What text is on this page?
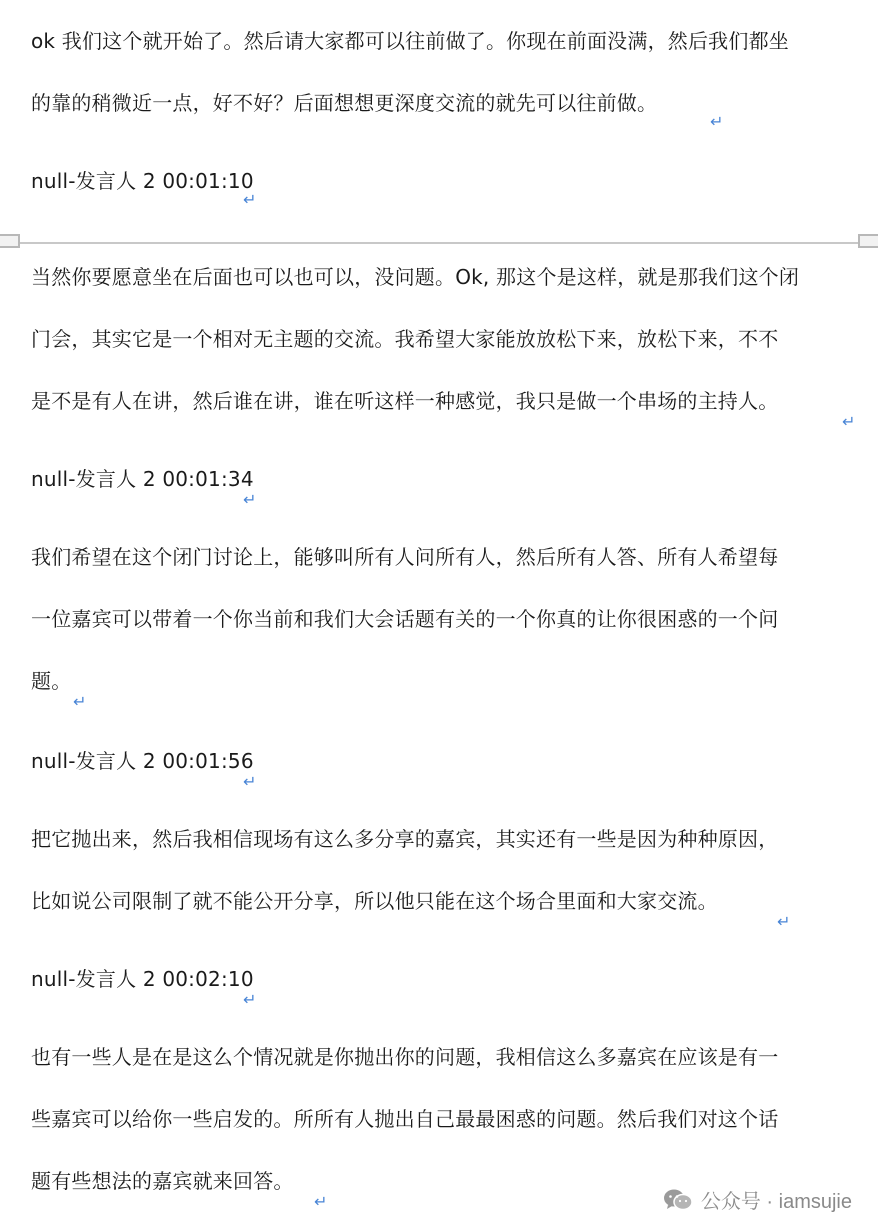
ok 我们这个就开始了。然后请大家都可以往前做了。你现在前面没满，然后我们都坐
的靠的稍微近一点，好不好？后面想想更深度交流的就先可以往前做。
↵
null-发言人 2 00:01:10
↵
当然你要愿意坐在后面也可以也可以，没问题。Ok, 那这个是这样，就是那我们这个闭
门会，其实它是一个相对无主题的交流。我希望大家能放放松下来，放松下来，不不
是不是有人在讲，然后谁在讲，谁在听这样一种感觉，我只是做一个串场的主持人。
↵
null-发言人 2 00:01:34
↵
我们希望在这个闭门讨论上，能够叫所有人问所有人，然后所有人答、所有人希望每
一位嘉宾可以带着一个你当前和我们大会话题有关的一个你真的让你很困惑的一个问
题。
↵
null-发言人 2 00:01:56
↵
把它抛出来，然后我相信现场有这么多分享的嘉宾，其实还有一些是因为种种原因，
比如说公司限制了就不能公开分享，所以他只能在这个场合里面和大家交流。
↵
null-发言人 2 00:02:10
↵
也有一些人是在是这么个情况就是你抛出你的问题，我相信这么多嘉宾在应该是有一
些嘉宾可以给你一些启发的。所所有人抛出自己最最困惑的问题。然后我们对这个话
题有些想法的嘉宾就来回答。
↵	公众号 · iamsujie
